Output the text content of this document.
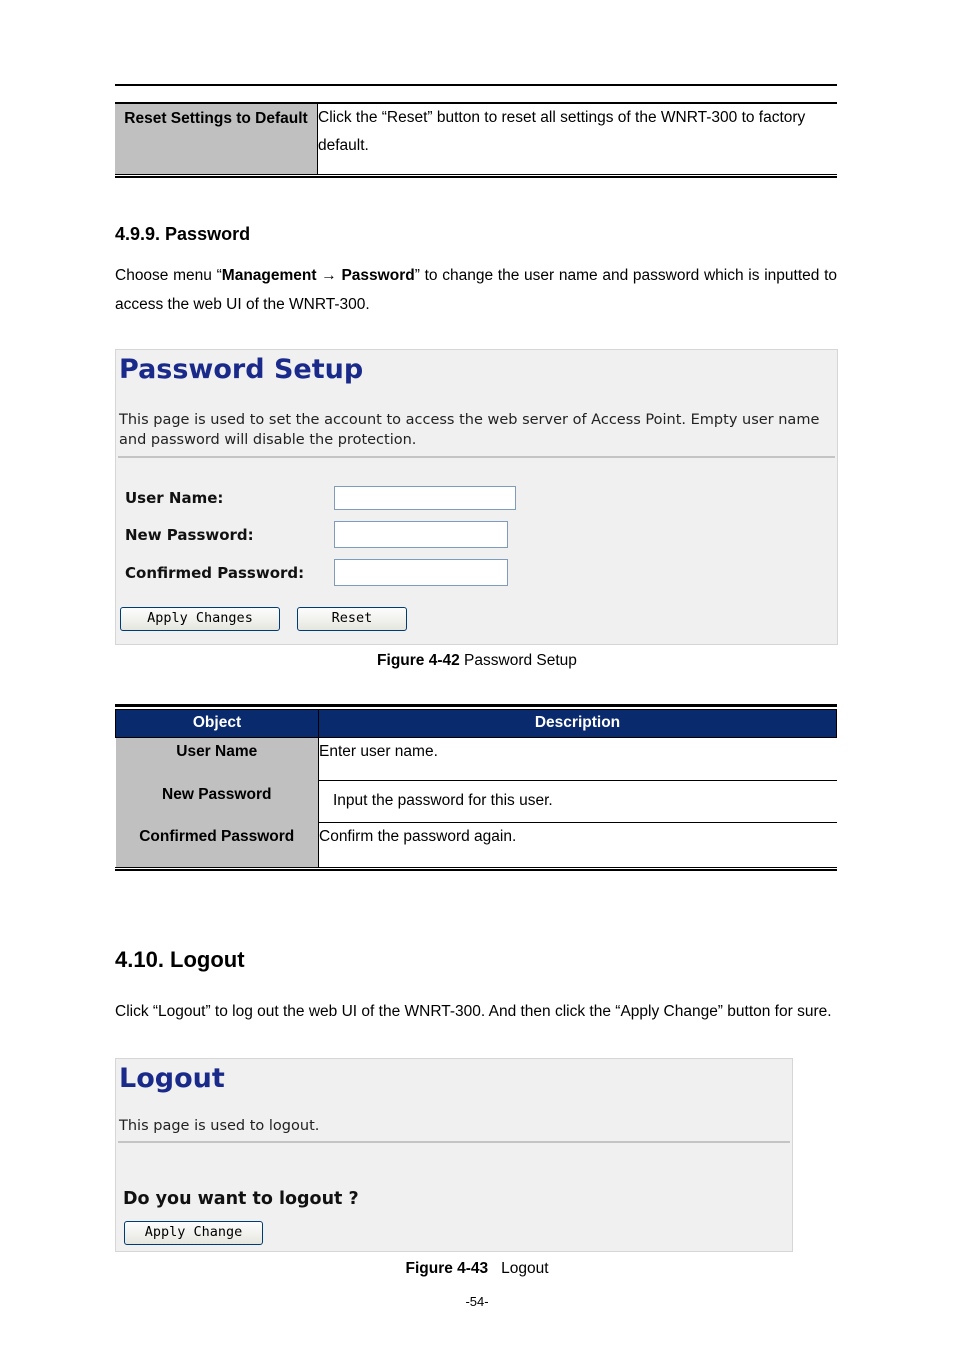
Reset Settings to Default	Click the “Reset” button to reset all settings of the WNRT-300 to factory default.
4.9.9. Password
Choose menu “Management → Password” to change the user name and password which is inputted to access the web UI of the WNRT-300.
Password Setup
This page is used to set the account to access the web server of Access Point. Empty user name and password will disable the protection.
User Name:
New Password:
Confirmed Password:
Apply Changes	Reset
Figure 4-42 Password Setup
Object	Description
User Name	Enter user name.
New Password	Input the password for this user.
Confirmed Password	Confirm the password again.
4.10. Logout
Click “Logout” to log out the web UI of the WNRT-300. And then click the “Apply Change” button for sure.
Logout
This page is used to logout.
Do you want to logout ?
Apply Change
Figure 4-43   Logout
-54-
